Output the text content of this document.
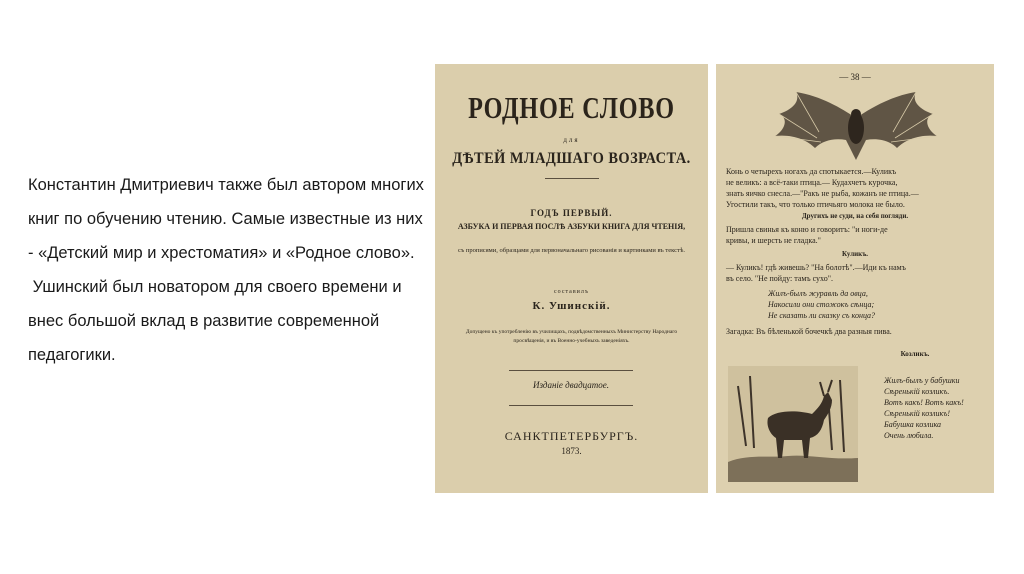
Константин Дмитриевич также был автором многих книг по обучению чтению. Самые известные из них - «Детский мир и хрестоматия» и «Родное слово».

Ушинский был новатором для своего времени и внес большой вклад в развитие современной педагогики.

РОДНОЕ СЛОВО
для
ДѢТЕЙ МЛАДШАГО ВОЗРАСТА.
ГОДЪ ПЕРВЫЙ.
АЗБУКА И ПЕРВАЯ ПОСЛѢ АЗБУКИ КНИГА ДЛЯ ЧТЕНІЯ,
съ прописями, образцами для первоначальнаго рисованія и картинками въ текстѣ.
составилъ
К. Ушинскій.
Допущено къ употребленію въ училищахъ, подвѣдомственныхъ Министерству Народнаго просвѣщенія, и въ Военно-учебныхъ заведеніяхъ.
Изданіе двадцатое.
САНКТПЕТЕРБУРГЪ.
1873.
— 38 —
Конь о четырехъ ногахъ да спотыкается.—Куликъ
не великъ: а всё-таки птица.— Кудахчетъ курочка,
знать яичко снесла.—"Ракъ не рыба, кожанъ не птица.—
Угостили такъ, что только птичьяго молока не было.
Другихъ не суди, на себя погляди.
Пришла свинья къ коню и говоритъ: "и ноги-де
кривы, и шерсть не гладка."
Куликъ.
— Куликъ! гдѣ живешь? "На болотѣ".—Иди къ намъ
въ село. "Не пойду: тамъ сухо".
Жилъ-былъ журавль да овца,
Накосили они стожокъ сѣнца;
Не сказать ли сказку съ конца?
Загадка: Въ бѣленькой бочечкѣ два разныя пива.
Козликъ.
Жилъ-былъ у бабушки
Сѣренькій козликъ.
Вотъ какъ! Вотъ какъ!
Сѣренькій козликъ!
Бабушка козлика
Очень любила.
